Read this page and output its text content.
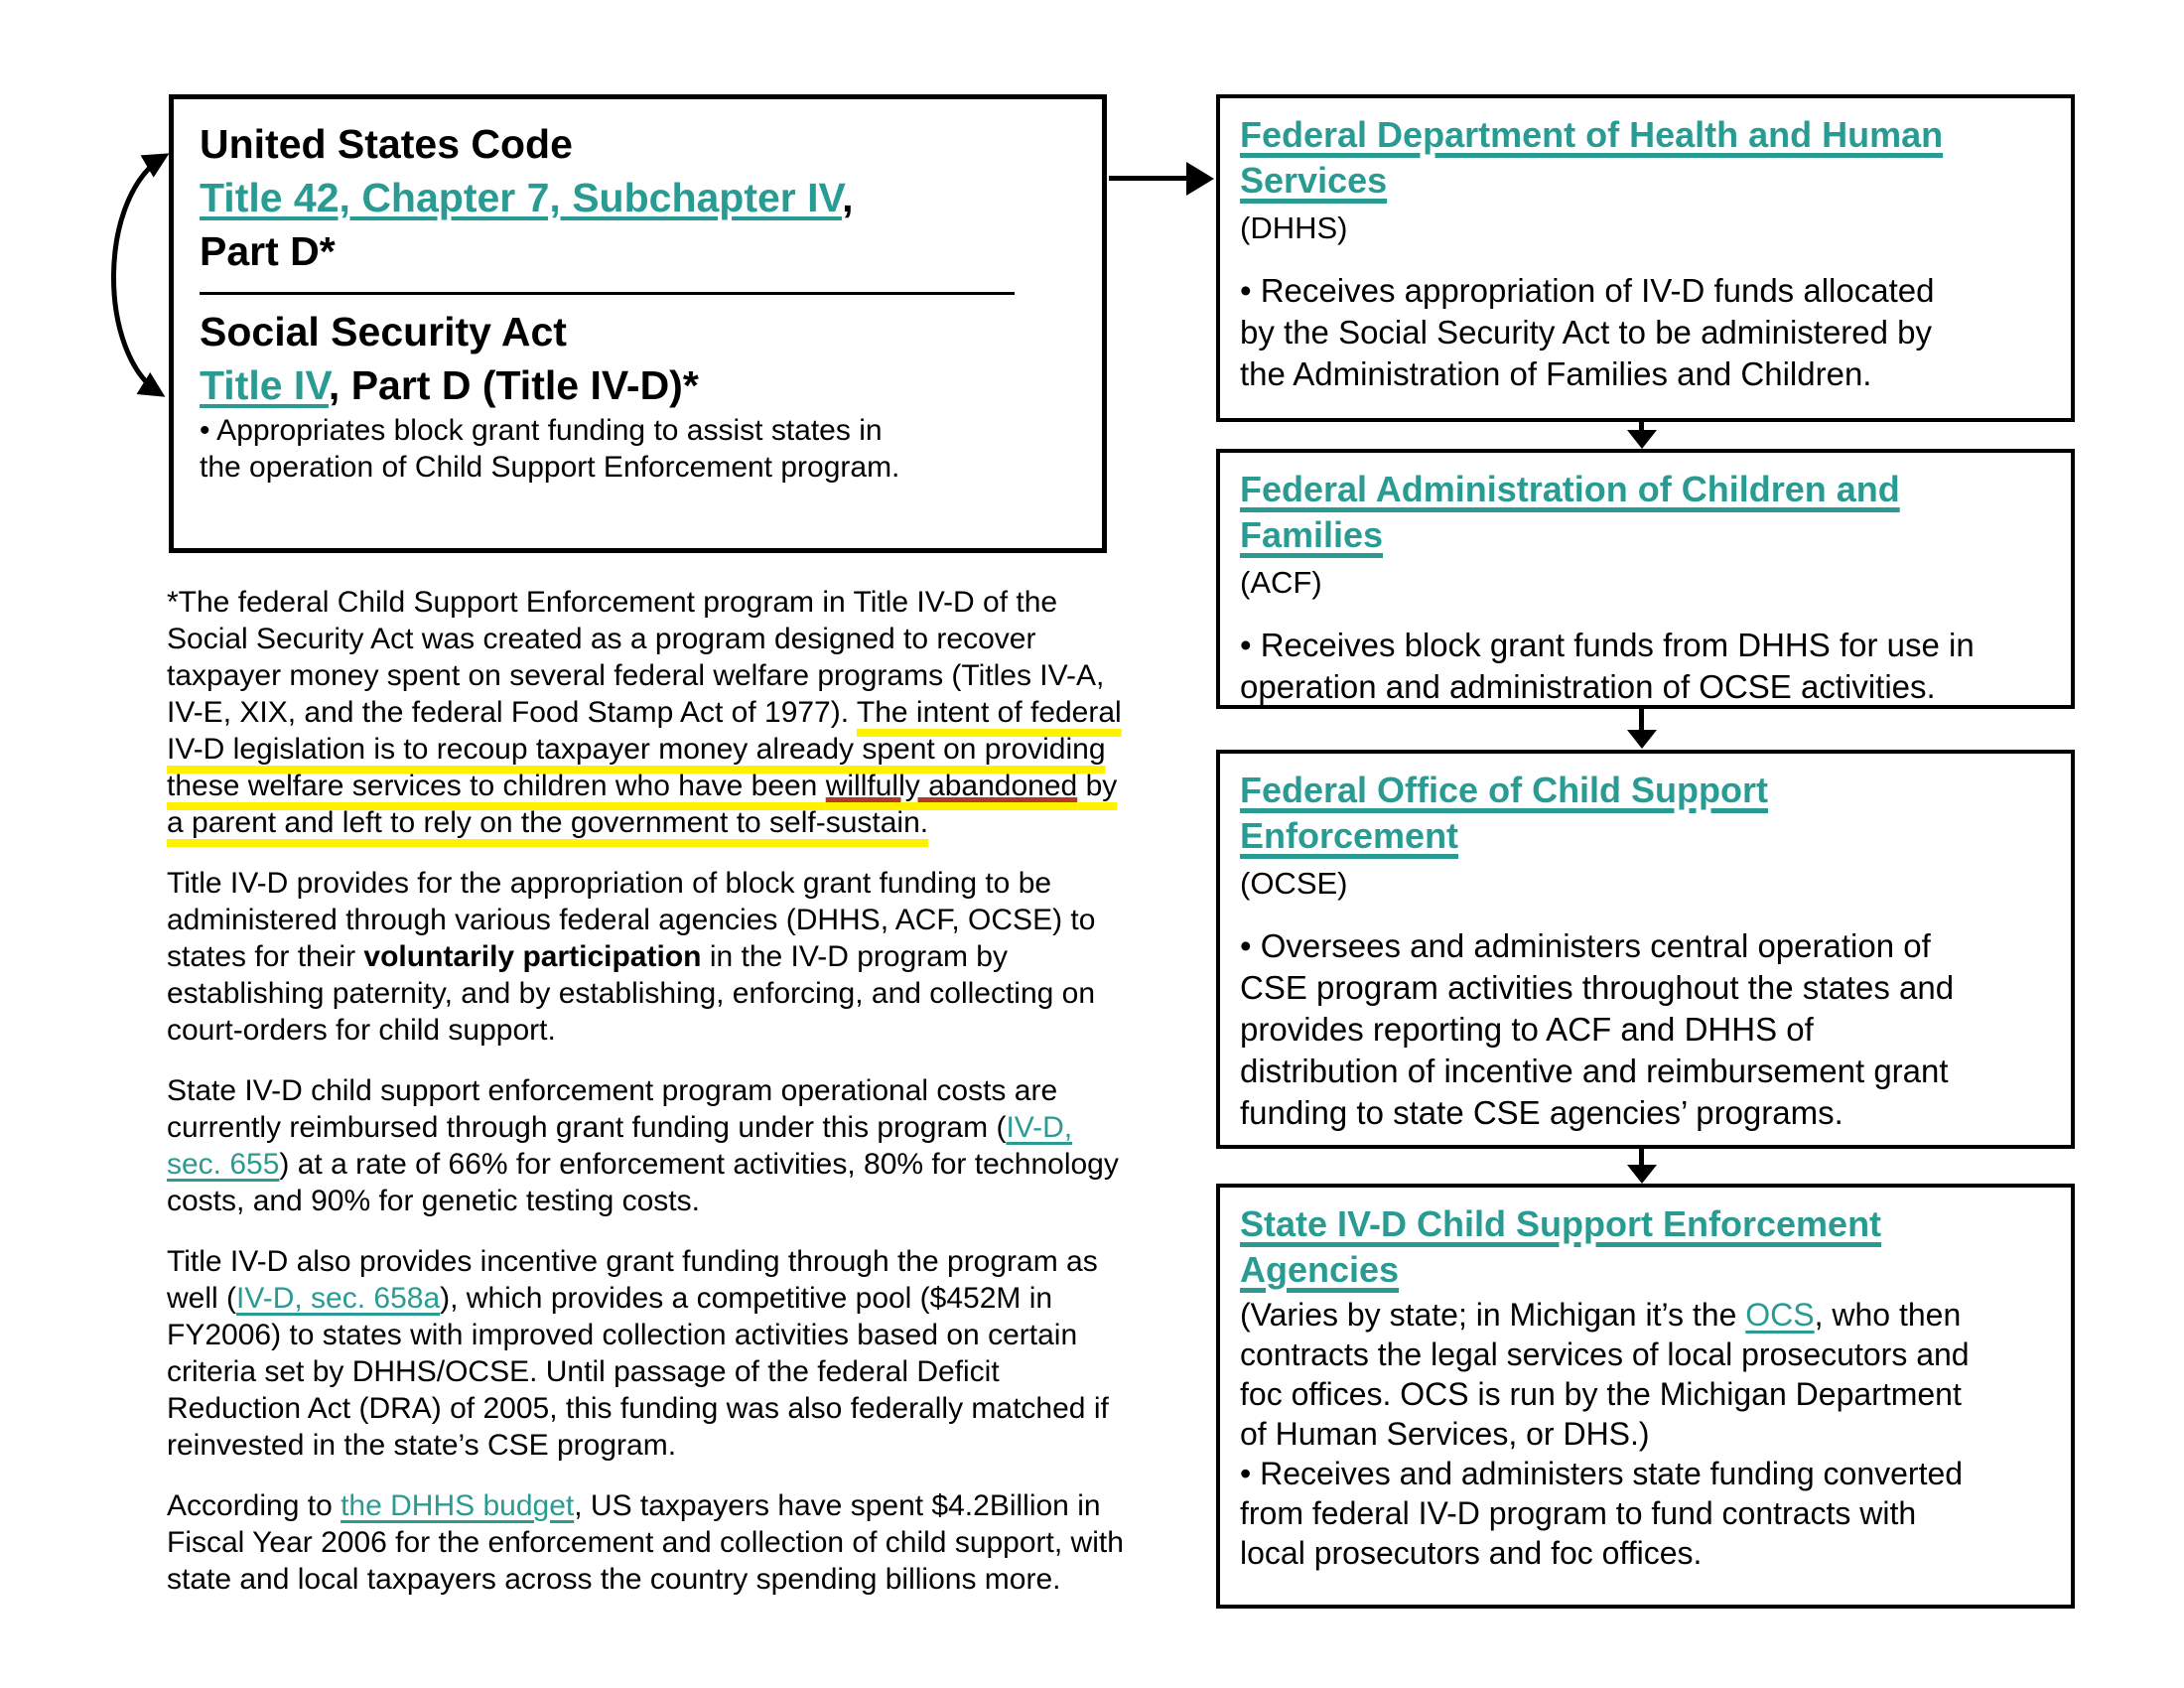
United States Code
Title 42, Chapter 7, Subchapter IV,
Part D*
Social Security Act
Title IV, Part D (Title IV-D)*
• Appropriates block grant funding to assist states in
the operation of Child Support Enforcement program.

*The federal Child Support Enforcement program in Title IV-D of the
Social Security Act was created as a program designed to recover
taxpayer money spent on several federal welfare programs (Titles IV-A,
IV-E, XIX, and the federal Food Stamp Act of 1977). The intent of federal
IV-D legislation is to recoup taxpayer money already spent on providing
these welfare services to children who have been willfully abandoned by
a parent and left to rely on the government to self-sustain.

Title IV-D provides for the appropriation of block grant funding to be
administered through various federal agencies (DHHS, ACF, OCSE) to
states for their voluntarily participation in the IV-D program by
establishing paternity, and by establishing, enforcing, and collecting on
court-orders for child support.

State IV-D child support enforcement program operational costs are
currently reimbursed through grant funding under this program (IV-D,
sec. 655) at a rate of 66% for enforcement activities, 80% for technology
costs, and 90% for genetic testing costs.

Title IV-D also provides incentive grant funding through the program as
well (IV-D, sec. 658a), which provides a competitive pool ($452M in
FY2006) to states with improved collection activities based on certain
criteria set by DHHS/OCSE. Until passage of the federal Deficit
Reduction Act (DRA) of 2005, this funding was also federally matched if
reinvested in the state’s CSE program.

According to the DHHS budget, US taxpayers have spent $4.2Billion in
Fiscal Year 2006 for the enforcement and collection of child support, with
state and local taxpayers across the country spending billions more.

Federal Department of Health and Human
Services
(DHHS)
• Receives appropriation of IV-D funds allocated
by the Social Security Act to be administered by
the Administration of Families and Children.
Federal Administration of Children and
Families
(ACF)
• Receives block grant funds from DHHS for use in
operation and administration of OCSE activities.
Federal Office of Child Support
Enforcement
(OCSE)
• Oversees and administers central operation of
CSE program activities throughout the states and
provides reporting to ACF and DHHS of
distribution of incentive and reimbursement grant
funding to state CSE agencies’ programs.
State IV-D Child Support Enforcement
Agencies
(Varies by state; in Michigan it’s the OCS, who then
contracts the legal services of local prosecutors and
foc offices. OCS is run by the Michigan Department
of Human Services, or DHS.)
• Receives and administers state funding converted
from federal IV-D program to fund contracts with
local prosecutors and foc offices.
